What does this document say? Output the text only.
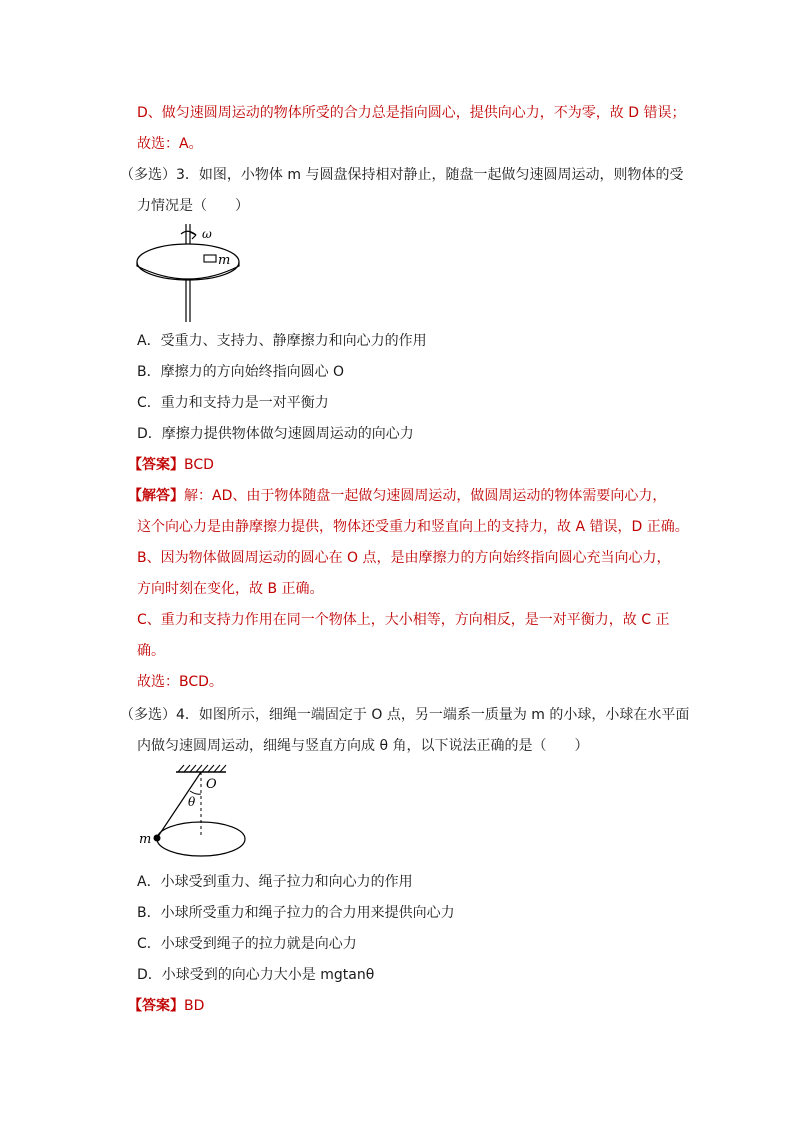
D、做匀速圆周运动的物体所受的合力总是指向圆心，提供向心力，不为零，故 D 错误；
故选：A。
（多选）3．如图，小物体 m 与圆盘保持相对静止，随盘一起做匀速圆周运动，则物体的受
力情况是（　　）
ω
m
A．受重力、支持力、静摩擦力和向心力的作用
B．摩擦力的方向始终指向圆心 O
C．重力和支持力是一对平衡力
D．摩擦力提供物体做匀速圆周运动的向心力
【答案】BCD
【解答】解：AD、由于物体随盘一起做匀速圆周运动，做圆周运动的物体需要向心力，
这个向心力是由静摩擦力提供，物体还受重力和竖直向上的支持力，故 A 错误，D 正确。
B、因为物体做圆周运动的圆心在 O 点，是由摩擦力的方向始终指向圆心充当向心力，
方向时刻在变化，故 B 正确。
C、重力和支持力作用在同一个物体上，大小相等，方向相反，是一对平衡力，故 C 正
确。
故选：BCD。
（多选）4．如图所示，细绳一端固定于 O 点，另一端系一质量为 m 的小球，小球在水平面
内做匀速圆周运动，细绳与竖直方向成 θ 角，以下说法正确的是（　　）
O
θ
m
A．小球受到重力、绳子拉力和向心力的作用
B．小球所受重力和绳子拉力的合力用来提供向心力
C．小球受到绳子的拉力就是向心力
D．小球受到的向心力大小是 mgtanθ
【答案】BD
